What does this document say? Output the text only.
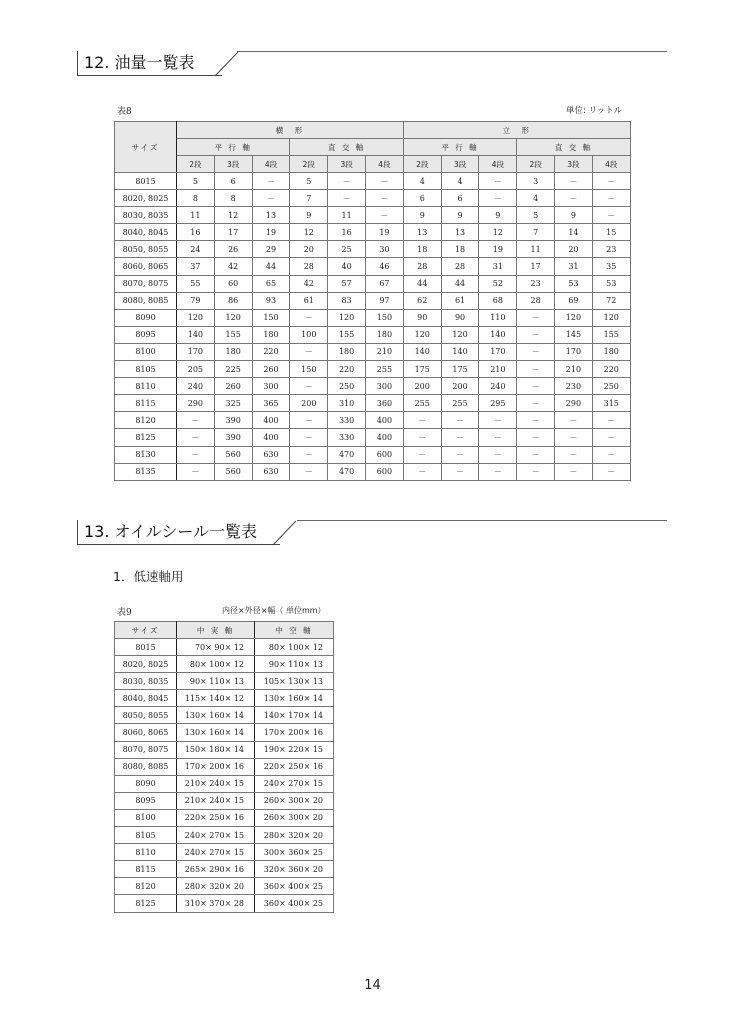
12. 油量一覧表
表8	単位: リットル
サイズ	横　形						立　形					
	平 行 軸			直 交 軸			平 行 軸			直 交 軸		
	2段	3段	4段	2段	3段	4段	2段	3段	4段	2段	3段	4段
8015	5	6	－	5	－	－	4	4	－	3	－	－
8020, 8025	8	8	－	7	－	－	6	6	－	4	－	－
8030, 8035	11	12	13	9	11	－	9	9	9	5	9	－
8040, 8045	16	17	19	12	16	19	13	13	12	7	14	15
8050, 8055	24	26	29	20	25	30	18	18	19	11	20	23
8060, 8065	37	42	44	28	40	46	28	28	31	17	31	35
8070, 8075	55	60	65	42	57	67	44	44	52	23	53	53
8080, 8085	79	86	93	61	83	97	62	61	68	28	69	72
8090	120	120	150	－	120	150	90	90	110	－	120	120
8095	140	155	180	100	155	180	120	120	140	－	145	155
8100	170	180	220	－	180	210	140	140	170	－	170	180
8105	205	225	260	150	220	255	175	175	210	－	210	220
8110	240	260	300	－	250	300	200	200	240	－	230	250
8115	290	325	365	200	310	360	255	255	295	－	290	315
8120	－	390	400	－	330	400	－	－	－	－	－	－
8125	－	390	400	－	330	400	－	－	－	－	－	－
8130	－	560	630	－	470	600	－	－	－	－	－	－
8135	－	560	630	－	470	600	－	－	－	－	－	－
13. オイルシール一覧表
1．低速軸用
表9	内径×外径×幅（ 単位mm）
サイズ	中 実 軸	中 空 軸
8015	70× 90× 12	80× 100× 12
8020, 8025	80× 100× 12	90× 110× 13
8030, 8035	90× 110× 13	105× 130× 13
8040, 8045	115× 140× 12	130× 160× 14
8050, 8055	130× 160× 14	140× 170× 14
8060, 8065	130× 160× 14	170× 200× 16
8070, 8075	150× 180× 14	190× 220× 15
8080, 8085	170× 200× 16	220× 250× 16
8090	210× 240× 15	240× 270× 15
8095	210× 240× 15	260× 300× 20
8100	220× 250× 16	260× 300× 20
8105	240× 270× 15	280× 320× 20
8110	240× 270× 15	300× 360× 25
8115	265× 290× 16	320× 360× 20
8120	280× 320× 20	360× 400× 25
8125	310× 370× 28	360× 400× 25
14
